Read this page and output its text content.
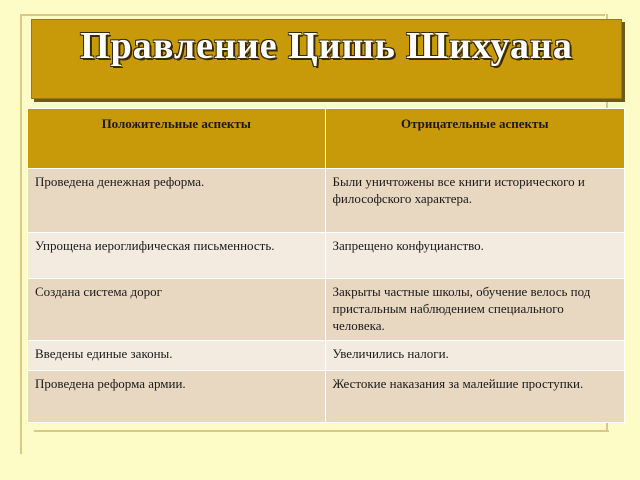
Правление Цишь Шихуана
Положительные аспекты	Отрицательные аспекты
Проведена денежная реформа.	Были уничтожены все книги исторического и философского характера.
Упрощена иероглифическая письменность.	Запрещено конфуцианство.
Создана система дорог	Закрыты частные школы, обучение велось под пристальным наблюдением специального человека.
Введены единые законы.	Увеличились налоги.
Проведена реформа армии.	Жестокие наказания за малейшие проступки.
